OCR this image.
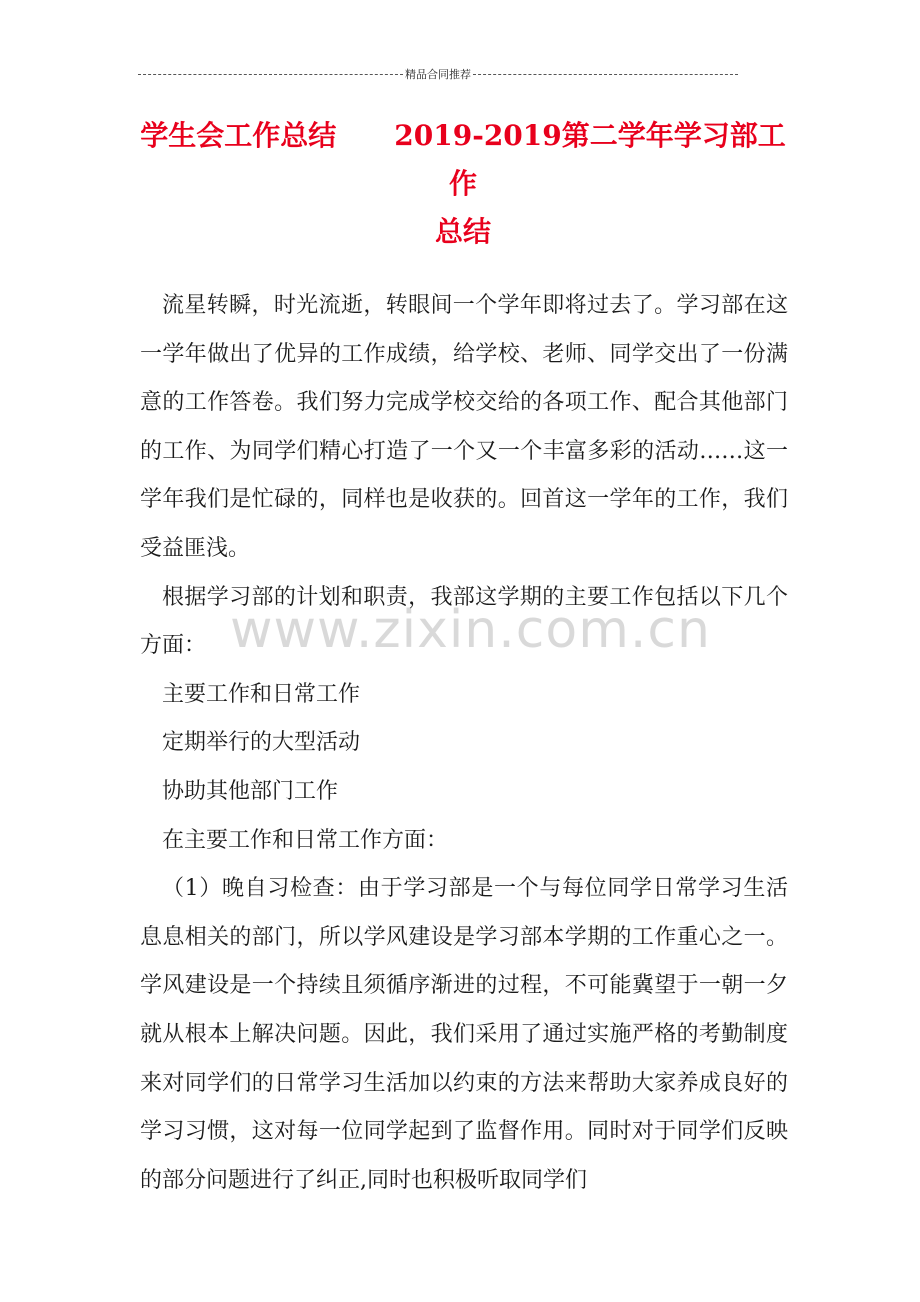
精品合同推荐
学生会工作总结 2019-2019第二学年学习部工作
总结
www.zixin.com.cn

流星转瞬，时光流逝，转眼间一个学年即将过去了。学习部在这一学年做出了优异的工作成绩，给学校、老师、同学交出了一份满意的工作答卷。我们努力完成学校交给的各项工作、配合其他部门的工作、为同学们精心打造了一个又一个丰富多彩的活动……这一学年我们是忙碌的，同样也是收获的。回首这一学年的工作，我们受益匪浅。

根据学习部的计划和职责，我部这学期的主要工作包括以下几个方面：

主要工作和日常工作

定期举行的大型活动

协助其他部门工作

在主要工作和日常工作方面：

（1）晚自习检查：由于学习部是一个与每位同学日常学习生活息息相关的部门，所以学风建设是学习部本学期的工作重心之一。学风建设是一个持续且须循序渐进的过程，不可能冀望于一朝一夕就从根本上解决问题。因此，我们采用了通过实施严格的考勤制度来对同学们的日常学习生活加以约束的方法来帮助大家养成良好的学习习惯，这对每一位同学起到了监督作用。同时对于同学们反映的部分问题进行了纠正,同时也积极听取同学们
